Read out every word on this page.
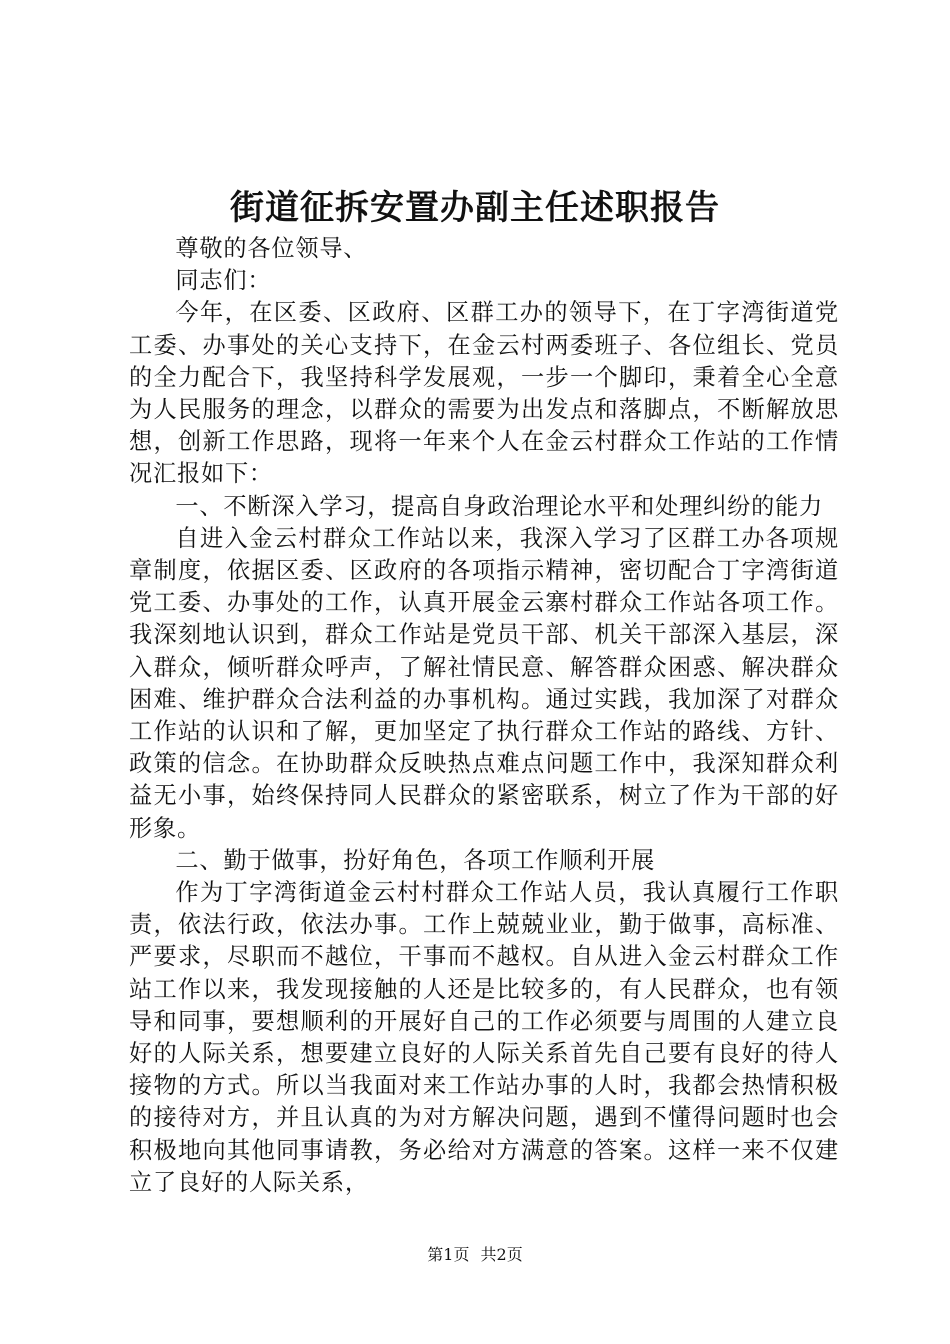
街道征拆安置办副主任述职报告

尊敬的各位领导、

同志们：

今年，在区委、区政府、区群工办的领导下，在丁字湾街道党工委、办事处的关心支持下，在金云村两委班子、各位组长、党员的全力配合下，我坚持科学发展观，一步一个脚印，秉着全心全意为人民服务的理念，以群众的需要为出发点和落脚点，不断解放思想，创新工作思路，现将一年来个人在金云村群众工作站的工作情况汇报如下：

一、不断深入学习，提高自身政治理论水平和处理纠纷的能力

自进入金云村群众工作站以来，我深入学习了区群工办各项规章制度，依据区委、区政府的各项指示精神，密切配合丁字湾街道党工委、办事处的工作，认真开展金云寨村群众工作站各项工作。我深刻地认识到，群众工作站是党员干部、机关干部深入基层，深入群众，倾听群众呼声，了解社情民意、解答群众困惑、解决群众困难、维护群众合法利益的办事机构。通过实践，我加深了对群众工作站的认识和了解，更加坚定了执行群众工作站的路线、方针、政策的信念。在协助群众反映热点难点问题工作中，我深知群众利益无小事，始终保持同人民群众的紧密联系，树立了作为干部的好形象。

二、勤于做事，扮好角色，各项工作顺利开展

作为丁字湾街道金云村村群众工作站人员，我认真履行工作职责，依法行政，依法办事。工作上兢兢业业，勤于做事，高标准、严要求，尽职而不越位，干事而不越权。自从进入金云村群众工作站工作以来，我发现接触的人还是比较多的，有人民群众，也有领导和同事，要想顺利的开展好自己的工作必须要与周围的人建立良好的人际关系，想要建立良好的人际关系首先自己要有良好的待人接物的方式。所以当我面对来工作站办事的人时，我都会热情积极的接待对方，并且认真的为对方解决问题，遇到不懂得问题时也会积极地向其他同事请教，务必给对方满意的答案。这样一来不仅建立了良好的人际关系，

第1页 共2页
